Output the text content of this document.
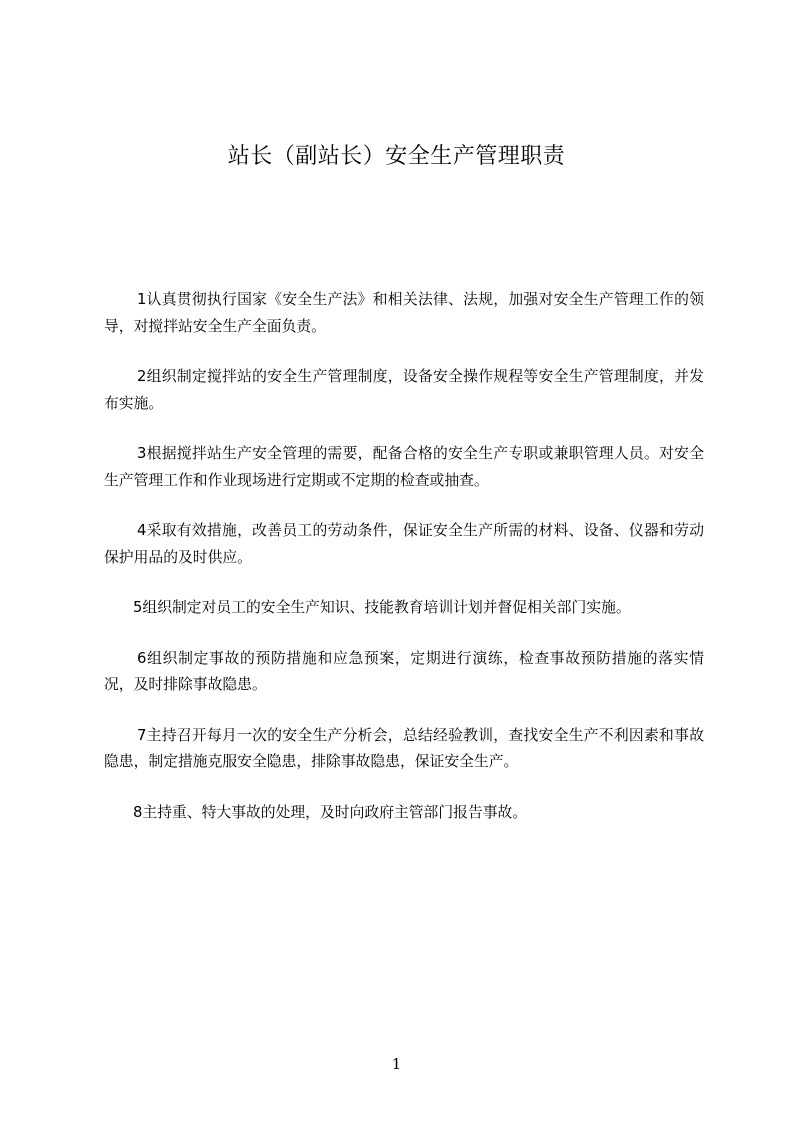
站长（副站长）安全生产管理职责

1认真贯彻执行国家《安全生产法》和相关法律、法规，加强对安全生产管理工作的领导，对搅拌站安全生产全面负责。

2组织制定搅拌站的安全生产管理制度，设备安全操作规程等安全生产管理制度，并发布实施。

3根据搅拌站生产安全管理的需要，配备合格的安全生产专职或兼职管理人员。对安全生产管理工作和作业现场进行定期或不定期的检查或抽查。

4采取有效措施，改善员工的劳动条件，保证安全生产所需的材料、设备、仪器和劳动保护用品的及时供应。

5组织制定对员工的安全生产知识、技能教育培训计划并督促相关部门实施。

6组织制定事故的预防措施和应急预案，定期进行演练，检查事故预防措施的落实情况，及时排除事故隐患。

7主持召开每月一次的安全生产分析会，总结经验教训，查找安全生产不利因素和事故隐患，制定措施克服安全隐患，排除事故隐患，保证安全生产。

8主持重、特大事故的处理，及时向政府主管部门报告事故。

1
